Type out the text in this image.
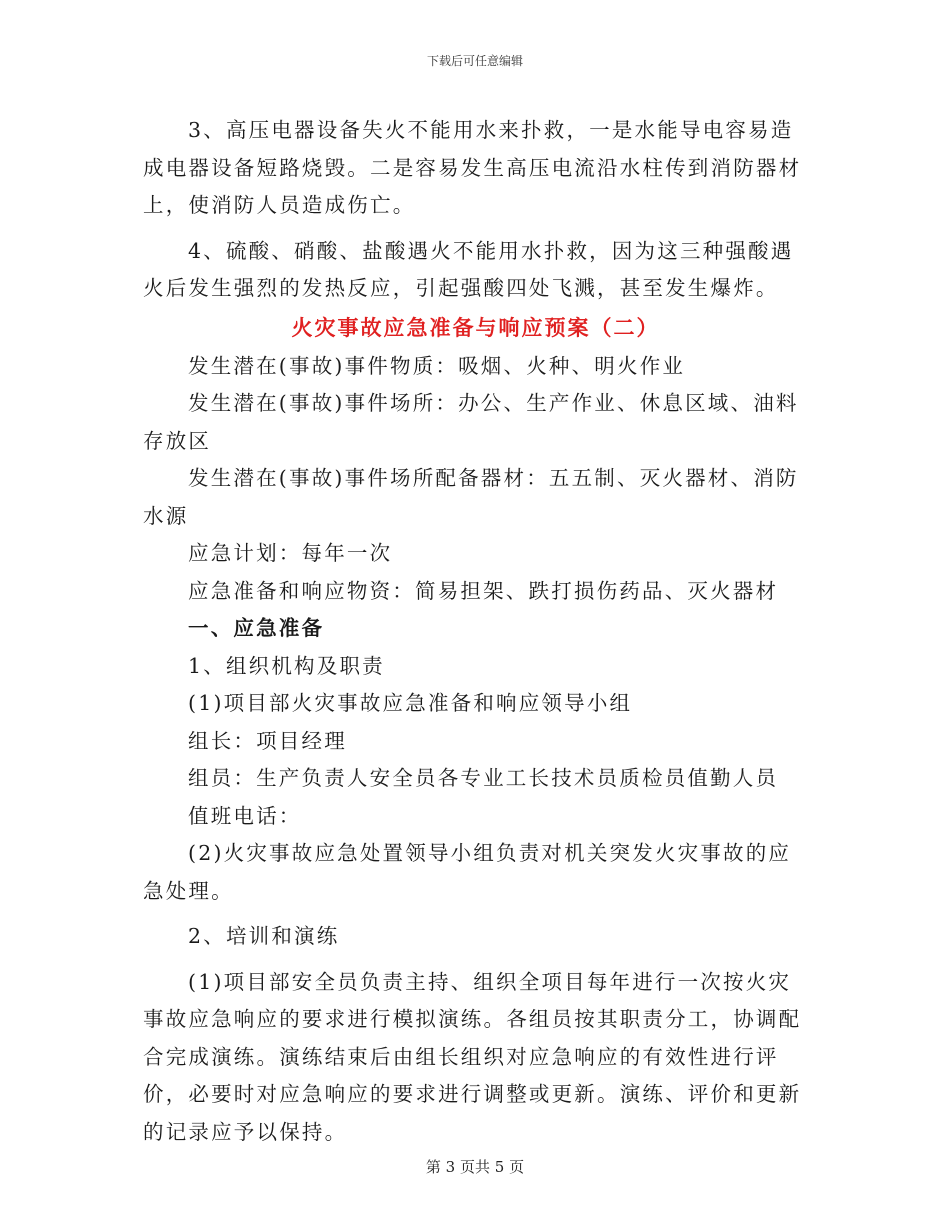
下载后可任意编辑

3、高压电器设备失火不能用水来扑救，一是水能导电容易造成电器设备短路烧毁。二是容易发生高压电流沿水柱传到消防器材上，使消防人员造成伤亡。

4、硫酸、硝酸、盐酸遇火不能用水扑救，因为这三种强酸遇火后发生强烈的发热反应，引起强酸四处飞溅，甚至发生爆炸。

火灾事故应急准备与响应预案（二）

发生潜在(事故)事件物质：吸烟、火种、明火作业

发生潜在(事故)事件场所：办公、生产作业、休息区域、油料存放区

发生潜在(事故)事件场所配备器材：五五制、灭火器材、消防水源

应急计划：每年一次

应急准备和响应物资：简易担架、跌打损伤药品、灭火器材

一、应急准备

1、组织机构及职责

(1)项目部火灾事故应急准备和响应领导小组

组长：项目经理

组员：生产负责人安全员各专业工长技术员质检员值勤人员

值班电话：

(2)火灾事故应急处置领导小组负责对机关突发火灾事故的应急处理。

2、培训和演练

(1)项目部安全员负责主持、组织全项目每年进行一次按火灾事故应急响应的要求进行模拟演练。各组员按其职责分工，协调配合完成演练。演练结束后由组长组织对应急响应的有效性进行评价，必要时对应急响应的要求进行调整或更新。演练、评价和更新的记录应予以保持。

第 3 页共 5 页
